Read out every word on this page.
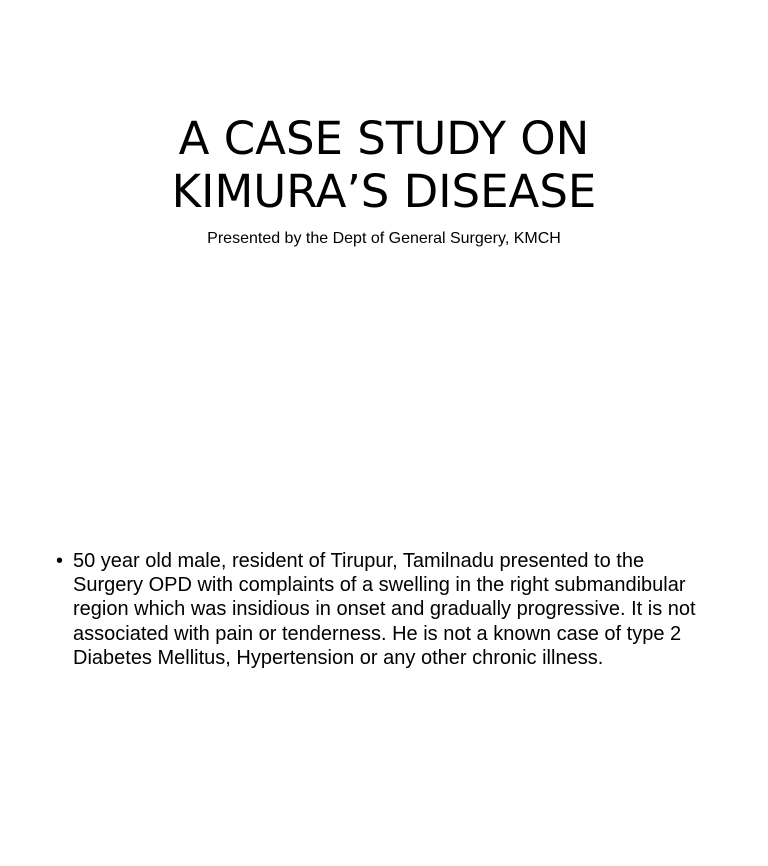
A CASE STUDY ON
KIMURA’S DISEASE

Presented by the Dept of General Surgery, KMCH

• 50 year old male, resident of Tirupur, Tamilnadu presented to the Surgery OPD with complaints of a swelling in the right submandibular region which was insidious in onset and gradually progressive. It is not associated with pain or tenderness. He is not a known case of type 2 Diabetes Mellitus, Hypertension or any other chronic illness.
